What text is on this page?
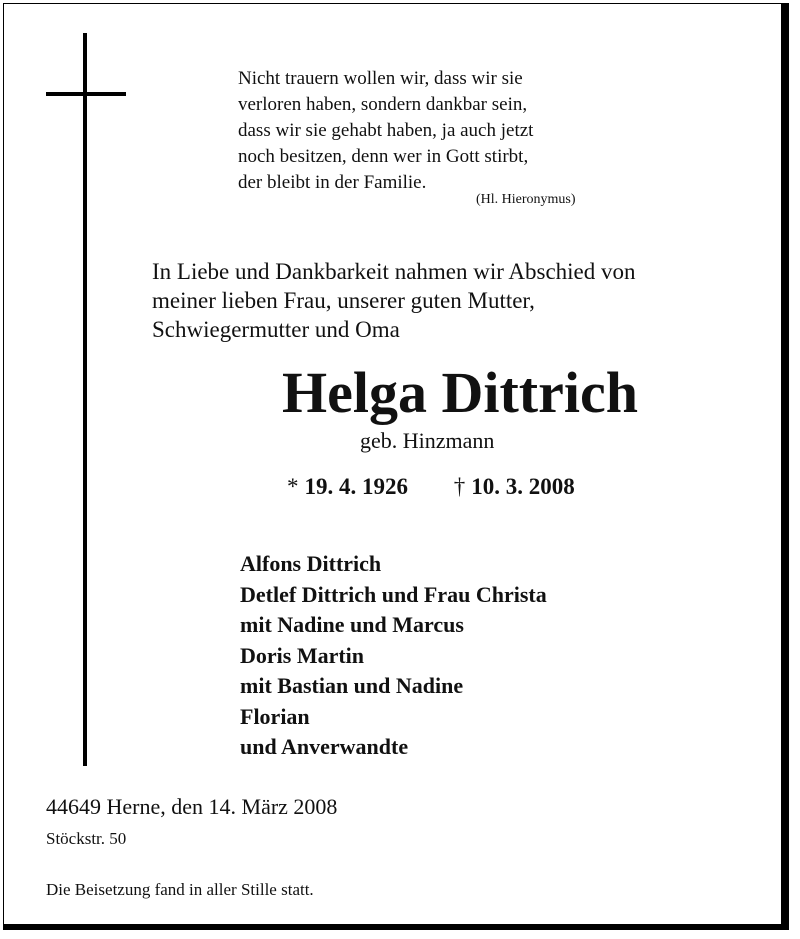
Nicht trauern wollen wir, dass wir sie
verloren haben, sondern dankbar sein,
dass wir sie gehabt haben, ja auch jetzt
noch besitzen, denn wer in Gott stirbt,
der bleibt in der Familie.
(Hl. Hieronymus)
In Liebe und Dankbarkeit nahmen wir Abschied von
meiner lieben Frau, unserer guten Mutter,
Schwiegermutter und Oma
Helga Dittrich
geb. Hinzmann
* 19. 4. 1926 † 10. 3. 2008
Alfons Dittrich
Detlef Dittrich und Frau Christa
mit Nadine und Marcus
Doris Martin
mit Bastian und Nadine
Florian
und Anverwandte
44649 Herne, den 14. März 2008
Stöckstr. 50
Die Beisetzung fand in aller Stille statt.
